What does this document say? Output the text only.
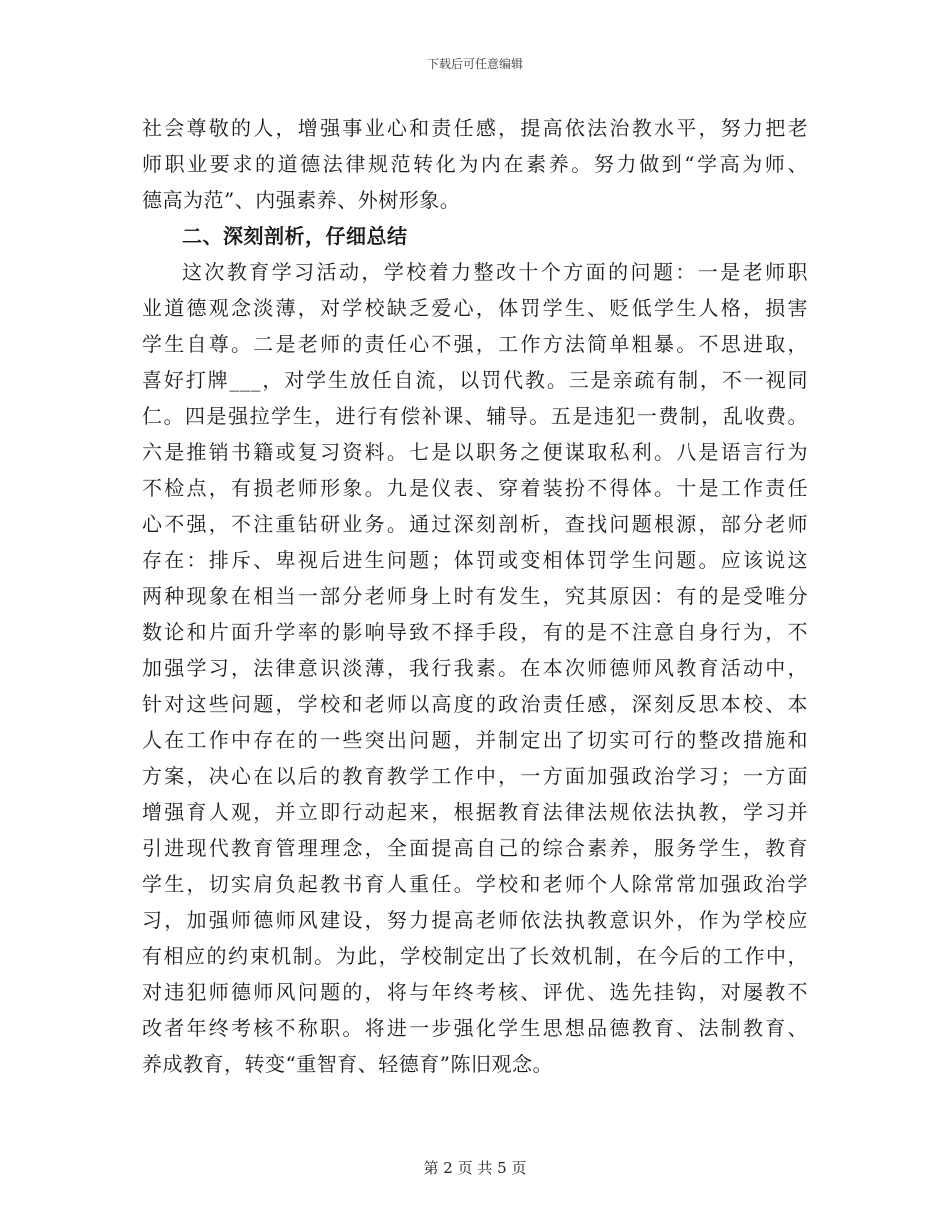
下载后可任意编辑
社会尊敬的人，增强事业心和责任感，提高依法治教水平，努力把老
师职业要求的道德法律规范转化为内在素养。努力做到“学高为师、
德高为范”、内强素养、外树形象。
二、深刻剖析，仔细总结
这次教育学习活动，学校着力整改十个方面的问题：一是老师职
业道德观念淡薄，对学校缺乏爱心，体罚学生、贬低学生人格，损害
学生自尊。二是老师的责任心不强，工作方法简单粗暴。不思进取，
喜好打牌___，对学生放任自流，以罚代教。三是亲疏有制，不一视同
仁。四是强拉学生，进行有偿补课、辅导。五是违犯一费制，乱收费。
六是推销书籍或复习资料。七是以职务之便谋取私利。八是语言行为
不检点，有损老师形象。九是仪表、穿着装扮不得体。十是工作责任
心不强，不注重钻研业务。通过深刻剖析，查找问题根源，部分老师
存在：排斥、卑视后进生问题；体罚或变相体罚学生问题。应该说这
两种现象在相当一部分老师身上时有发生，究其原因：有的是受唯分
数论和片面升学率的影响导致不择手段，有的是不注意自身行为，不
加强学习，法律意识淡薄，我行我素。在本次师德师风教育活动中，
针对这些问题，学校和老师以高度的政治责任感，深刻反思本校、本
人在工作中存在的一些突出问题，并制定出了切实可行的整改措施和
方案，决心在以后的教育教学工作中，一方面加强政治学习；一方面
增强育人观，并立即行动起来，根据教育法律法规依法执教，学习并
引进现代教育管理理念，全面提高自己的综合素养，服务学生，教育
学生，切实肩负起教书育人重任。学校和老师个人除常常加强政治学
习，加强师德师风建设，努力提高老师依法执教意识外，作为学校应
有相应的约束机制。为此，学校制定出了长效机制，在今后的工作中，
对违犯师德师风问题的，将与年终考核、评优、选先挂钩，对屡教不
改者年终考核不称职。将进一步强化学生思想品德教育、法制教育、
养成教育，转变“重智育、轻德育”陈旧观念。
第 2 页 共 5 页
